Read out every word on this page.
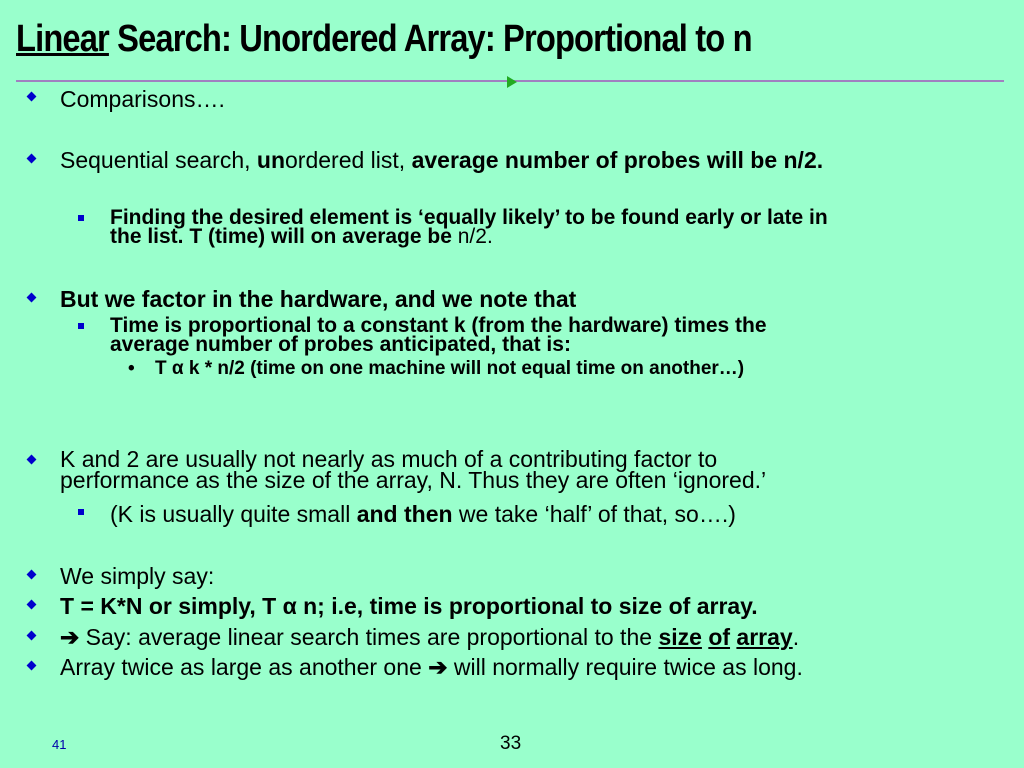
Linear Search: Unordered Array: Proportional to n
Comparisons….
Sequential search, unordered list, average number of probes will be n/2.
Finding the desired element is ‘equally likely’ to be found early or late in
the list. T (time) will on average be n/2.
But we factor in the hardware, and we note that
Time is proportional to a constant k (from the hardware) times the
average number of probes anticipated, that is:
• T α k * n/2 (time on one machine will not equal time on another…)
K and 2 are usually not nearly as much of a contributing factor to
performance as the size of the array, N. Thus they are often ‘ignored.’
(K is usually quite small and then we take ‘half’ of that, so….)
We simply say:
T = K*N or simply, T α n; i.e, time is proportional to size of array.
➔ Say: average linear search times are proportional to the size of array.
Array twice as large as another one ➔ will normally require twice as long.
41	33
